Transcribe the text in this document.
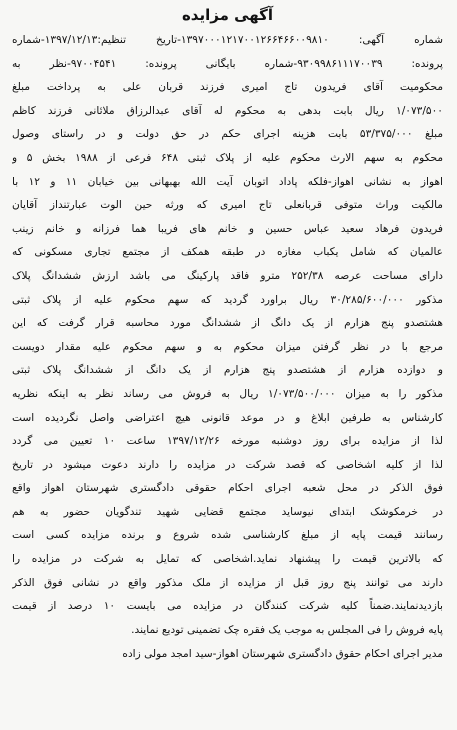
آگهی مزایده
شماره آگهی: ۱۳۹۷۰۰۰۱۲۱۷۰۰۱۲۶۶۴۶۶۰۰۹۸۱۰-تاریخ تنظیم:۱۳۹۷/۱۲/۱۳-شماره
پرونده: ۹۳۰۹۹۸۶۱۱۱۷۰۰۳۹-شماره بایگانی پرونده: ۹۷۰۰۴۵۴۱-نظر به
محکومیت آقای فریدون تاج امیری فرزند قربان علی به پرداخت مبلغ
۱/۰۷۳/۵۰۰ ریال بابت بدهی به محکوم له آقای عبدالرزاق ملائانی فرزند کاظم
مبلغ ۵۳/۳۷۵/۰۰۰ بابت هزینه اجرای حکم در حق دولت و در راستای وصول
محکوم به سهم الارث محکوم علیه از پلاک ثبتی ۶۴۸ فرعی از ۱۹۸۸ بخش ۵ و
اهواز به نشانی اهواز-فلکه پاداد اتوبان آیت الله بهبهانی بین خیابان ۱۱ و ۱۲ با
مالکیت وراث متوفی قربانعلی تاج امیری که ورثه حین الوت عبارتنداز آقایان
فریدون فرهاد سعید عباس حسین و خانم های فریبا هما فرزانه و خانم زینب
عالمیان که شامل یکباب مغازه در طبقه همکف از مجتمع تجاری مسکونی که
دارای مساحت عرصه ۲۵۲/۳۸ مترو فاقد پارکینگ می باشد ارزش ششدانگ پلاک
مذکور ۳۰/۲۸۵/۶۰۰/۰۰۰ ریال براورد گردید که سهم محکوم علیه از پلاک ثبتی
هشتصدو پنج هزارم از یک دانگ از ششدانگ مورد محاسبه قرار گرفت که این
مرجع با در نظر گرفتن میزان محکوم به و سهم محکوم علیه مقدار دویست
و دوازده هزارم از هشتصدو پنج هزارم از یک دانگ از ششدانگ پلاک ثبتی
مذکور را به میزان ۱/۰۷۳/۵۰۰/۰۰۰ ریال به فروش می رساند نظر به اینکه نظریه
کارشناس به طرفین ابلاغ و در موعد قانونی هیچ اعتراضی واصل نگردیده است
لذا از مزایده برای روز دوشنبه مورخه ۱۳۹۷/۱۲/۲۶ ساعت ۱۰ تعیین می گردد
لذا از کلیه اشخاصی که قصد شرکت در مزایده را دارند دعوت میشود در تاریخ
فوق الذکر در محل شعبه اجرای احکام حقوقی دادگستری شهرستان اهواز واقع
در خرمکوشک ابتدای نیوساید مجتمع قضایی شهید تندگویان حضور به هم
رسانند قیمت پایه از مبلغ کارشناسی شده شروع و برنده مزایده کسی است
که بالاترین قیمت را پیشنهاد نماید.اشخاصی که تمایل به شرکت در مزایده را
دارند می توانند پنج روز قبل از مزایده از ملک مذکور واقع در نشانی فوق الذکر
بازدیدنمایند.ضمناً کلیه شرکت کنندگان در مزایده می بایست ۱۰ درصد از قیمت
پایه فروش را فی المجلس به موجب یک فقره چک تضمینی تودیع نمایند.
مدیر اجرای احکام حقوق دادگستری شهرستان اهواز-سید امجد مولی زاده
